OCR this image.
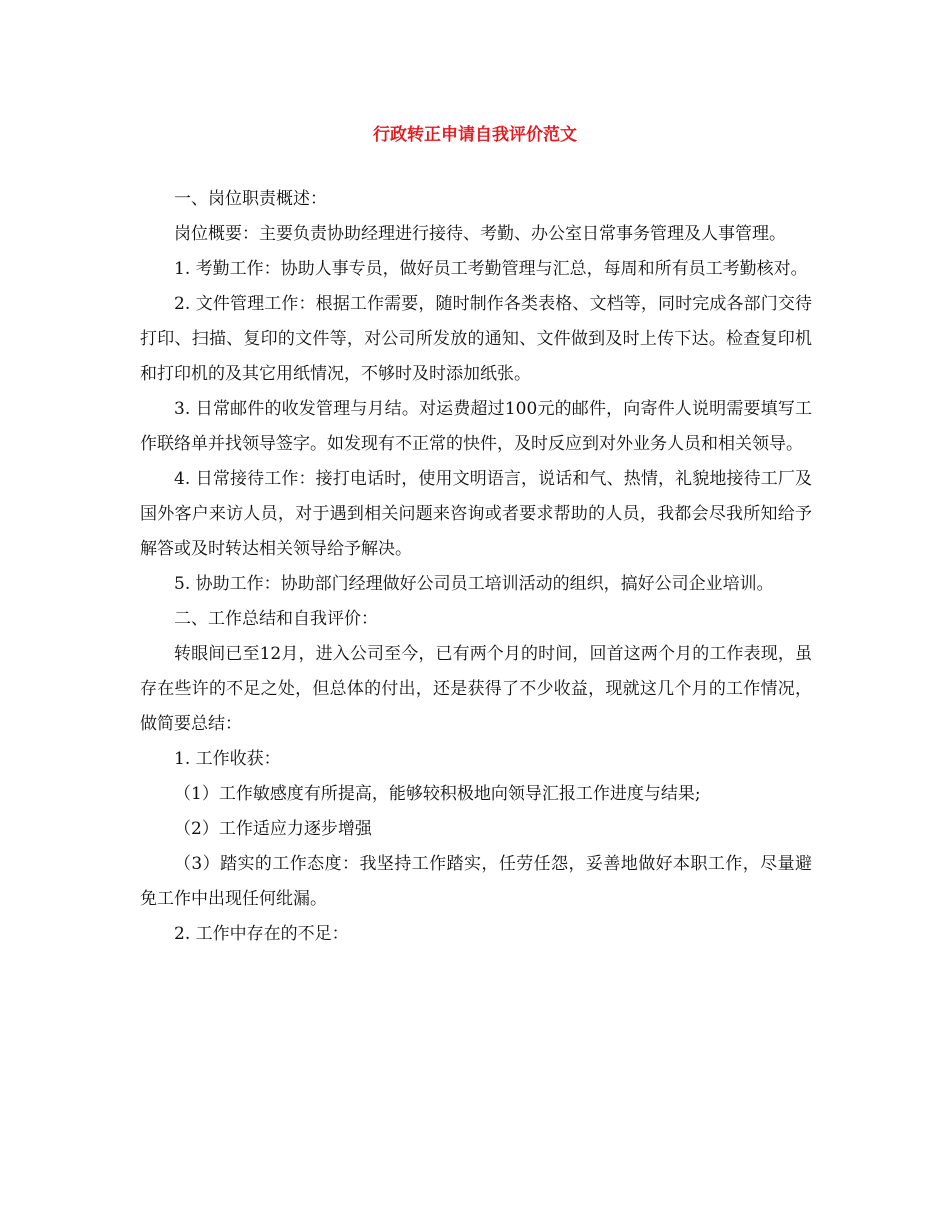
行政转正申请自我评价范文

一、岗位职责概述：

岗位概要：主要负责协助经理进行接待、考勤、办公室日常事务管理及人事管理。

1. 考勤工作：协助人事专员，做好员工考勤管理与汇总，每周和所有员工考勤核对。

2. 文件管理工作：根据工作需要，随时制作各类表格、文档等，同时完成各部门交待打印、扫描、复印的文件等，对公司所发放的通知、文件做到及时上传下达。检查复印机和打印机的及其它用纸情况，不够时及时添加纸张。

3. 日常邮件的收发管理与月结。对运费超过100元的邮件，向寄件人说明需要填写工作联络单并找领导签字。如发现有不正常的快件，及时反应到对外业务人员和相关领导。

4. 日常接待工作：接打电话时，使用文明语言，说话和气、热情，礼貌地接待工厂及国外客户来访人员，对于遇到相关问题来咨询或者要求帮助的人员，我都会尽我所知给予解答或及时转达相关领导给予解决。

5. 协助工作：协助部门经理做好公司员工培训活动的组织，搞好公司企业培训。

二、工作总结和自我评价：

转眼间已至12月，进入公司至今，已有两个月的时间，回首这两个月的工作表现，虽存在些许的不足之处，但总体的付出，还是获得了不少收益，现就这几个月的工作情况，做简要总结：

1. 工作收获：

（1）工作敏感度有所提高，能够较积极地向领导汇报工作进度与结果;

（2）工作适应力逐步增强

（3）踏实的工作态度：我坚持工作踏实，任劳任怨，妥善地做好本职工作，尽量避免工作中出现任何纰漏。

2. 工作中存在的不足：
